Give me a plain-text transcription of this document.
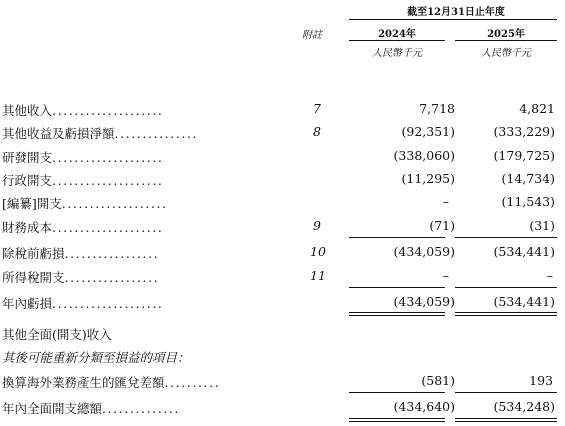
截至12月31日止年度
附註	2024年	2025年
人民幣千元	人民幣千元
其他收入....................	7	7,718	4,821
其他收益及虧損淨額...............	8	(92,351)	(333,229)
研發開支....................	(338,060)	(179,725)
行政開支....................	(11,295)	(14,734)
[編纂]開支...................	–	(11,543)
財務成本....................	9	(71)	(31)
除稅前虧損.................	10	(434,059)	(534,441)
所得稅開支.................	11	–	–
年內虧損....................	(434,059)	(534,441)
其他全面(開支)收入
其後可能重新分類至損益的項目：
換算海外業務產生的匯兌差額..........	(581)	193
年內全面開支總額..............	(434,640)	(534,248)
